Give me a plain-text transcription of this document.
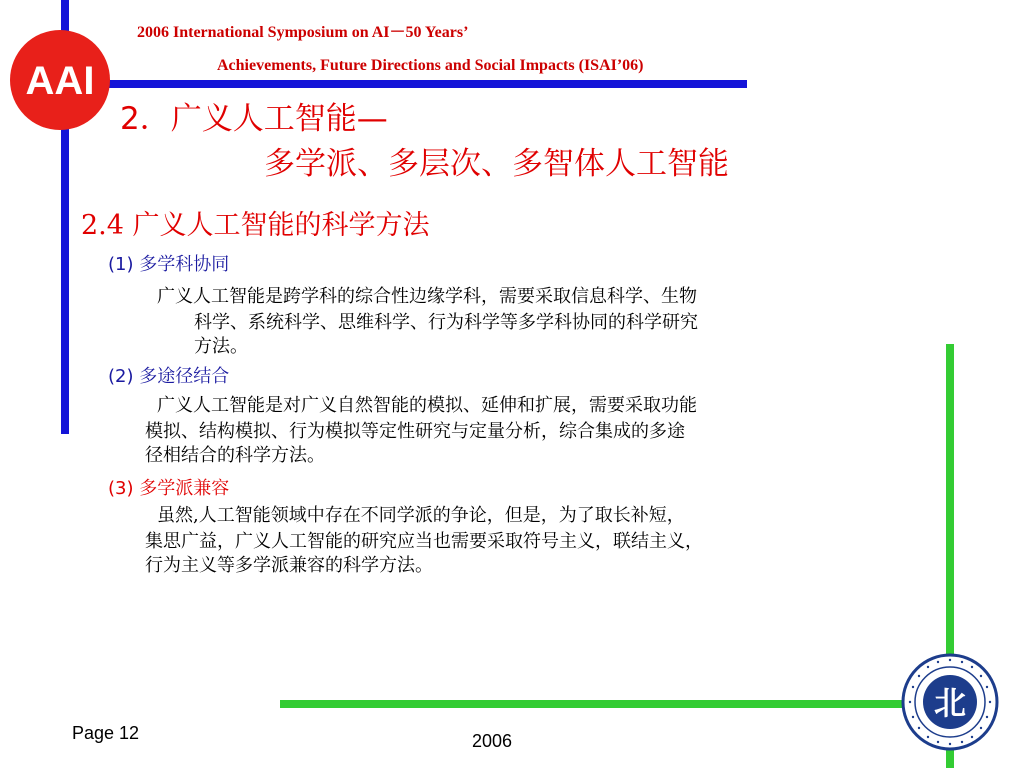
AAI
2006 International Symposium on AI－50 Years’
Achievements, Future Directions and Social Impacts (ISAI’06)
2．广义人工智能—
多学派、多层次、多智体人工智能
2.4 广义人工智能的科学方法
(1) 多学科协同
广义人工智能是跨学科的综合性边缘学科，需要采取信息科学、生物
科学、系统科学、思维科学、行为科学等多学科协同的科学研究
方法。
(2) 多途径结合
广义人工智能是对广义自然智能的模拟、延伸和扩展，需要采取功能
模拟、结构模拟、行为模拟等定性研究与定量分析，综合集成的多途
径相结合的科学方法。
(3) 多学派兼容
虽然,人工智能领域中存在不同学派的争论，但是，为了取长补短，
集思广益，广义人工智能的研究应当也需要采取符号主义，联结主义，
行为主义等多学派兼容的科学方法。
Page 12	2006
北
